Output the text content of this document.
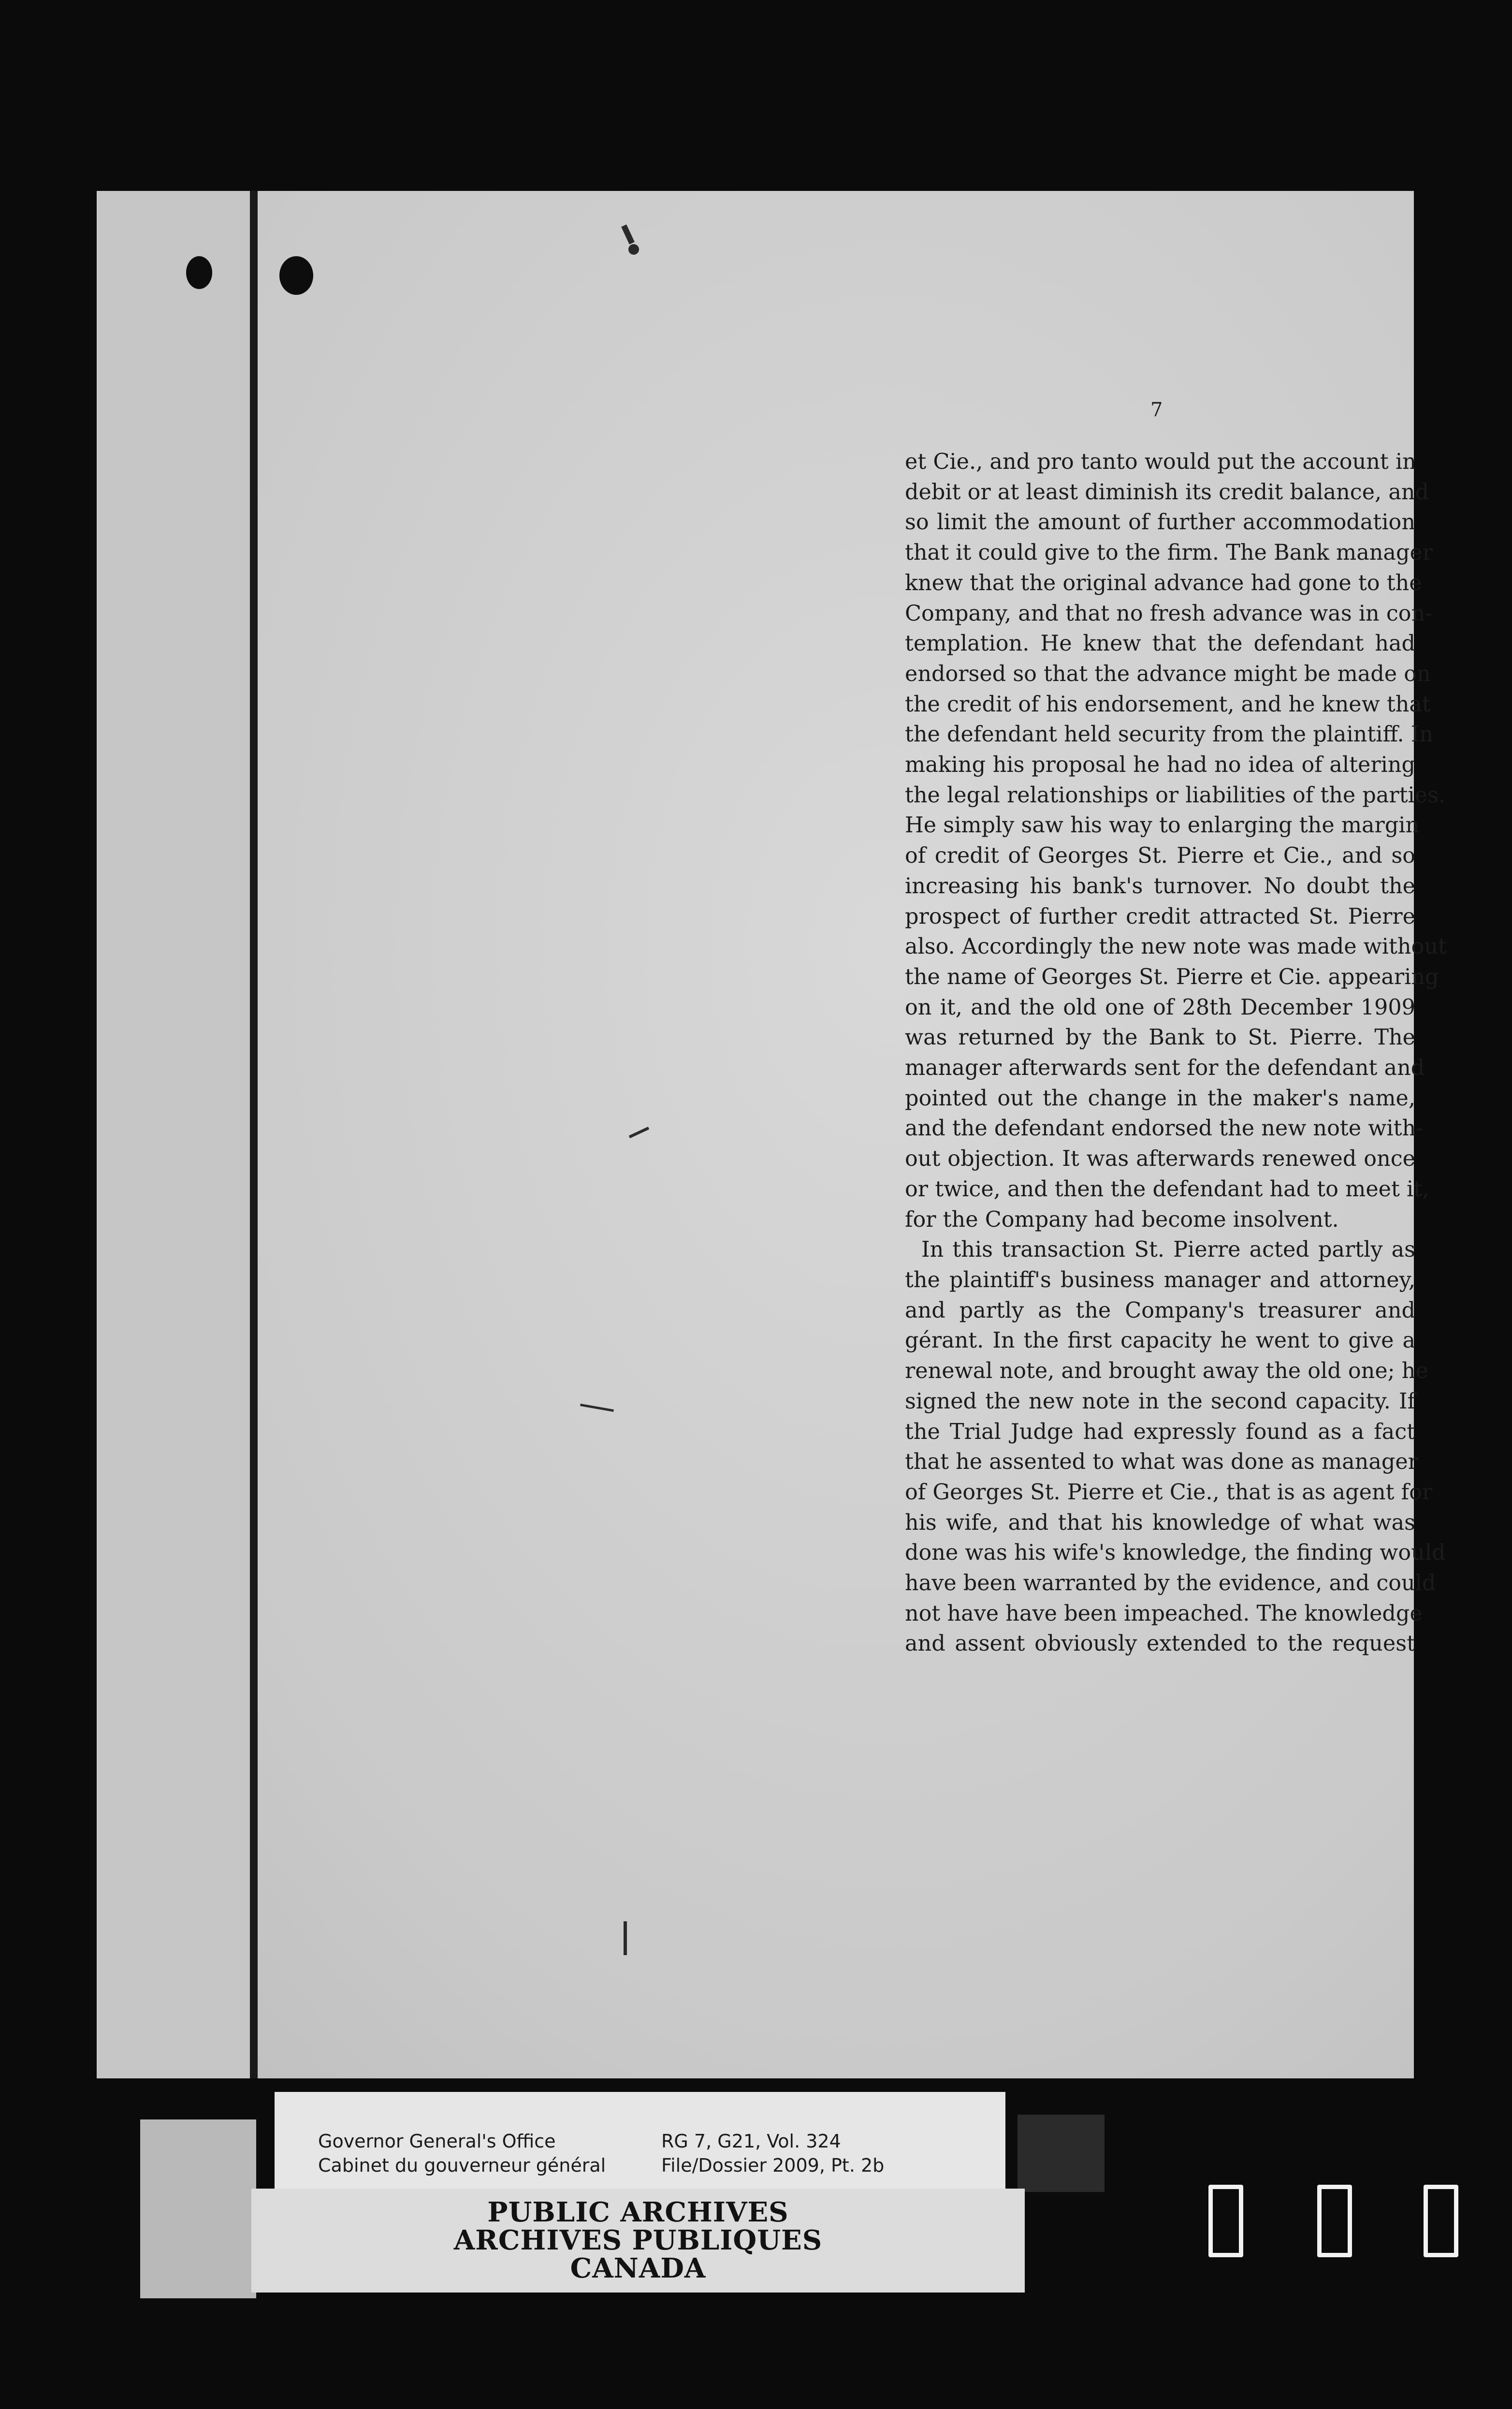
7
et Cie., and pro tanto would put the account in
debit or at least diminish its credit balance, and
so limit the amount of further accommodation
that it could give to the firm. The Bank manager
knew that the original advance had gone to the
Company, and that no fresh advance was in con-
templation. He knew that the defendant had
endorsed so that the advance might be made on
the credit of his endorsement, and he knew that
the defendant held security from the plaintiff. In
making his proposal he had no idea of altering
the legal relationships or liabilities of the parties.
He simply saw his way to enlarging the margin
of credit of Georges St. Pierre et Cie., and so
increasing his bank's turnover. No doubt the
prospect of further credit attracted St. Pierre
also. Accordingly the new note was made without
the name of Georges St. Pierre et Cie. appearing
on it, and the old one of 28th December 1909
was returned by the Bank to St. Pierre. The
manager afterwards sent for the defendant and
pointed out the change in the maker's name,
and the defendant endorsed the new note with-
out objection. It was afterwards renewed once
or twice, and then the defendant had to meet it,
for the Company had become insolvent.
In this transaction St. Pierre acted partly as
the plaintiff's business manager and attorney,
and partly as the Company's treasurer and
gérant. In the first capacity he went to give a
renewal note, and brought away the old one; he
signed the new note in the second capacity. If
the Trial Judge had expressly found as a fact
that he assented to what was done as manager
of Georges St. Pierre et Cie., that is as agent for
his wife, and that his knowledge of what was
done was his wife's knowledge, the finding would
have been warranted by the evidence, and could
not have have been impeached. The knowledge
and assent obviously extended to the request
Governor General's Office
Cabinet du gouverneur général
RG 7, G21, Vol. 324
File/Dossier 2009, Pt. 2b
PUBLIC ARCHIVES
ARCHIVES PUBLIQUES
CANADA
